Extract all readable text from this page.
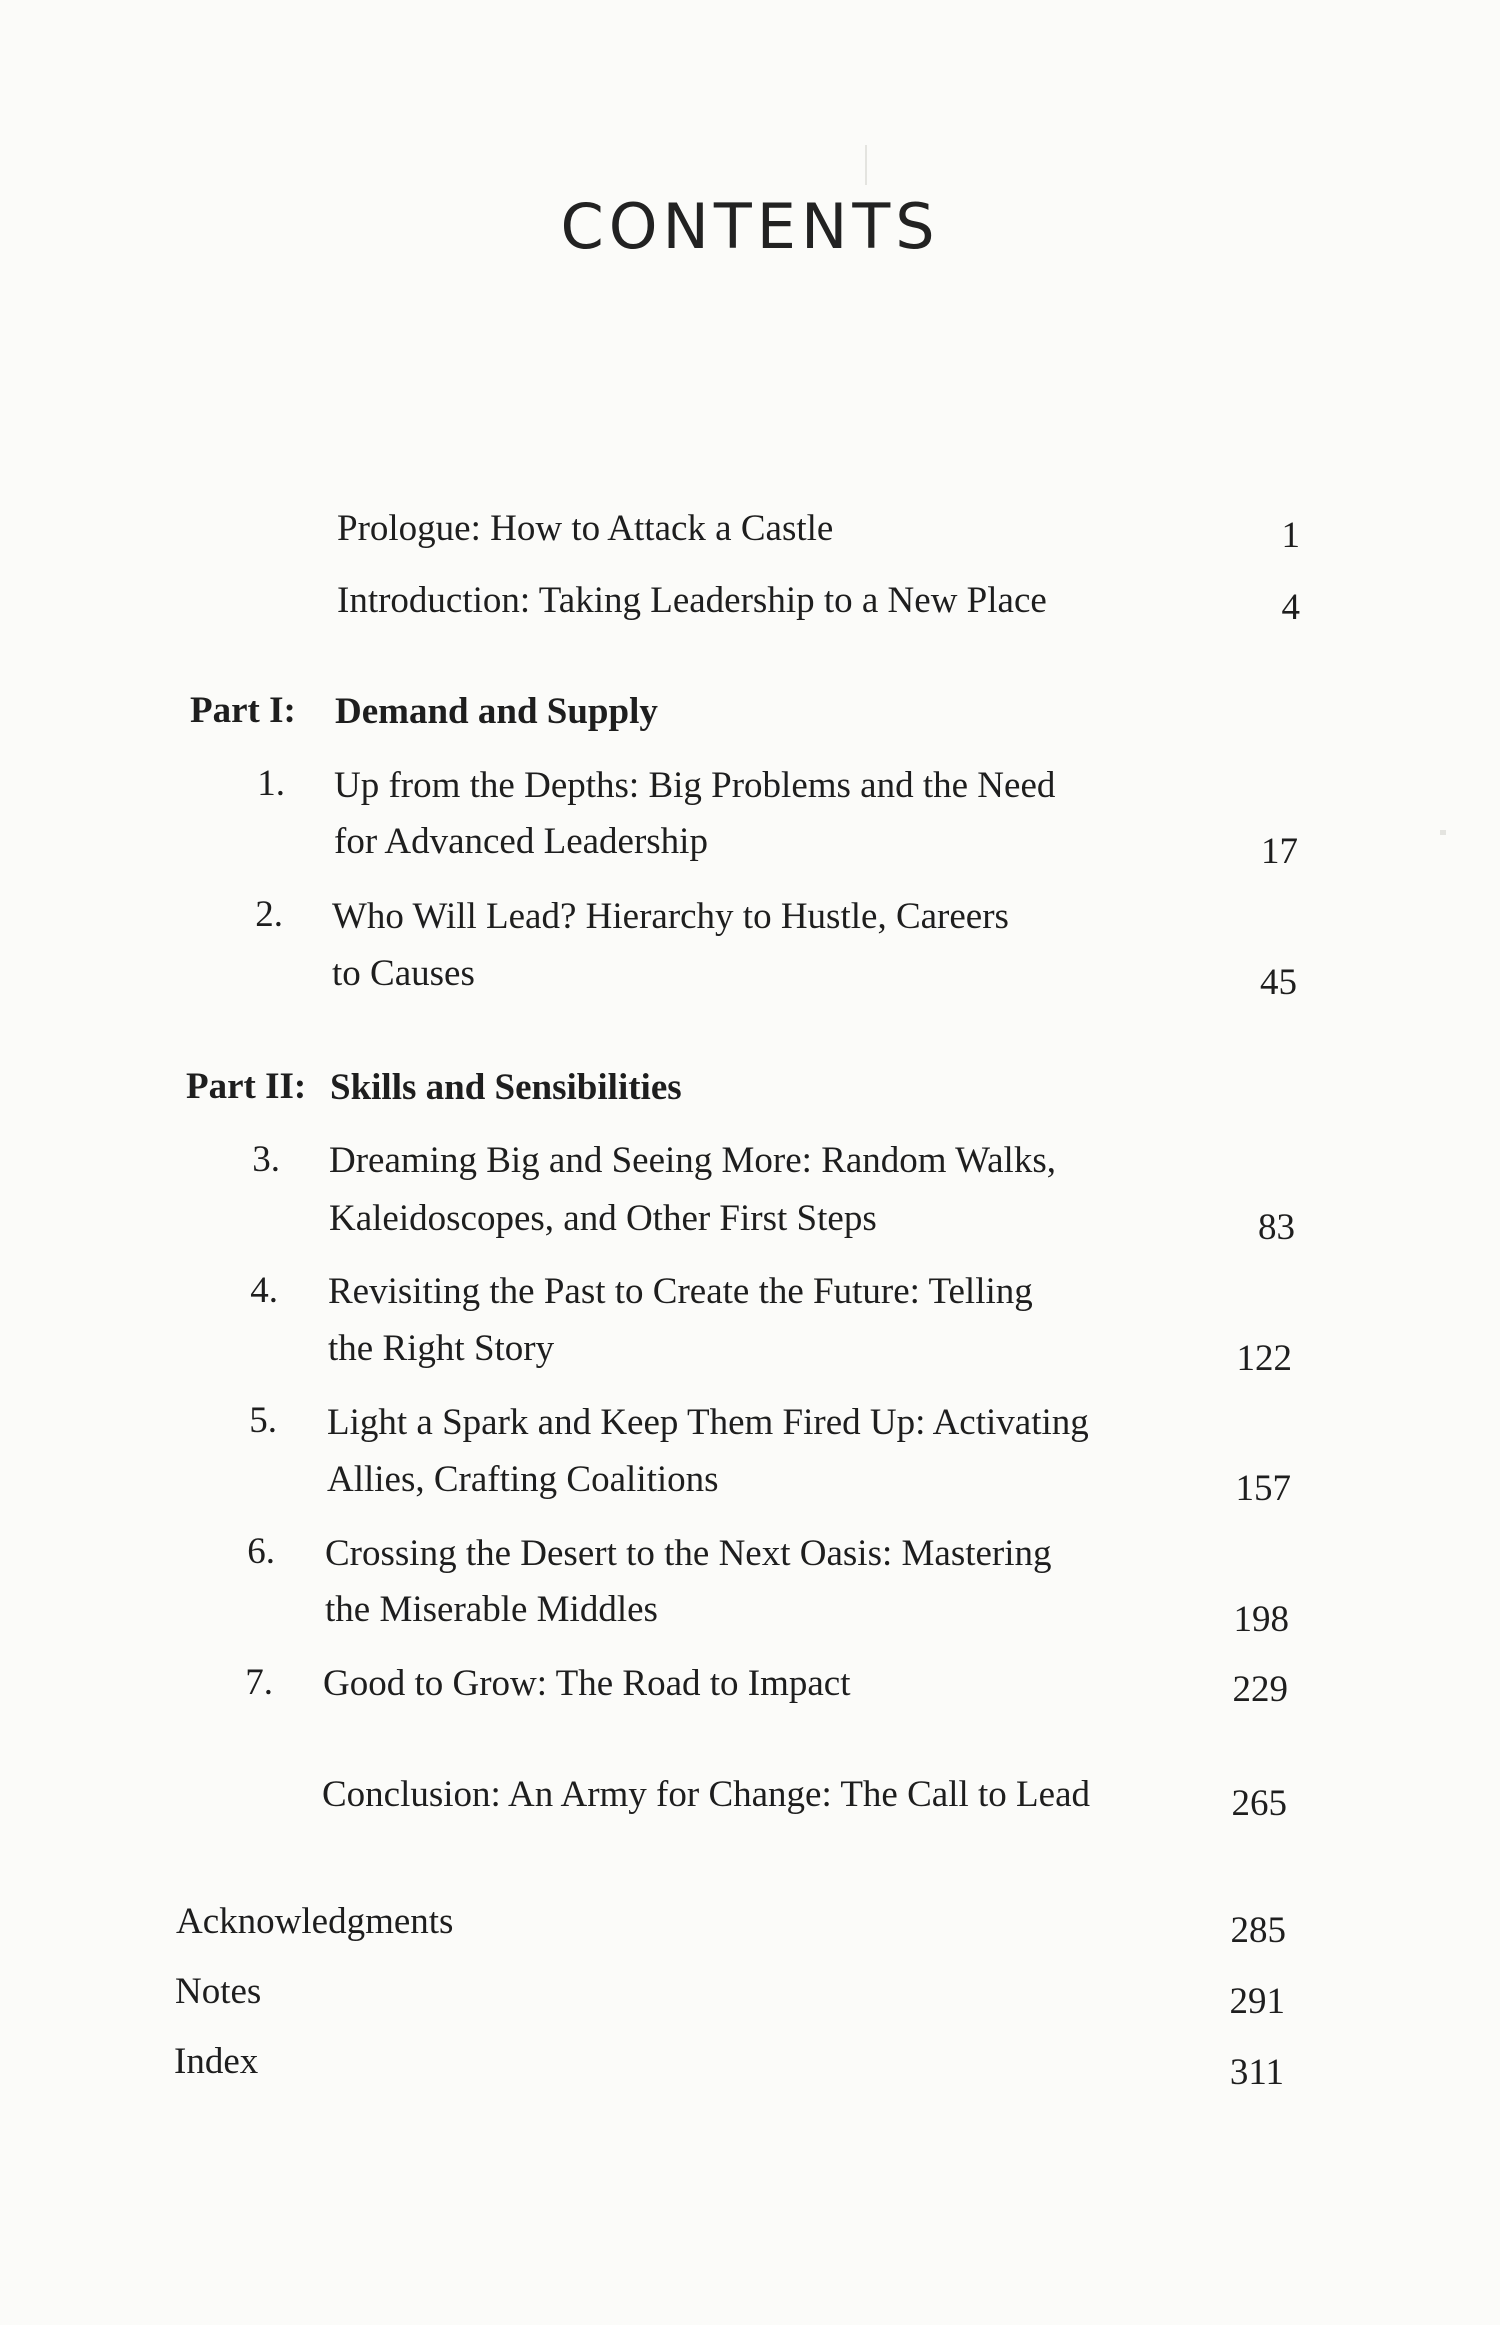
CONTENTS
Prologue: How to Attack a Castle	1
Introduction: Taking Leadership to a New Place	4
Part I: Demand and Supply
1. Up from the Depths: Big Problems and the Need
for Advanced Leadership	17
2. Who Will Lead? Hierarchy to Hustle, Careers
to Causes	45
Part II: Skills and Sensibilities
3. Dreaming Big and Seeing More: Random Walks,
Kaleidoscopes, and Other First Steps	83
4. Revisiting the Past to Create the Future: Telling
the Right Story	122
5. Light a Spark and Keep Them Fired Up: Activating
Allies, Crafting Coalitions	157
6. Crossing the Desert to the Next Oasis: Mastering
the Miserable Middles	198
7. Good to Grow: The Road to Impact	229
Conclusion: An Army for Change: The Call to Lead	265
Acknowledgments	285
Notes	291
Index	311
